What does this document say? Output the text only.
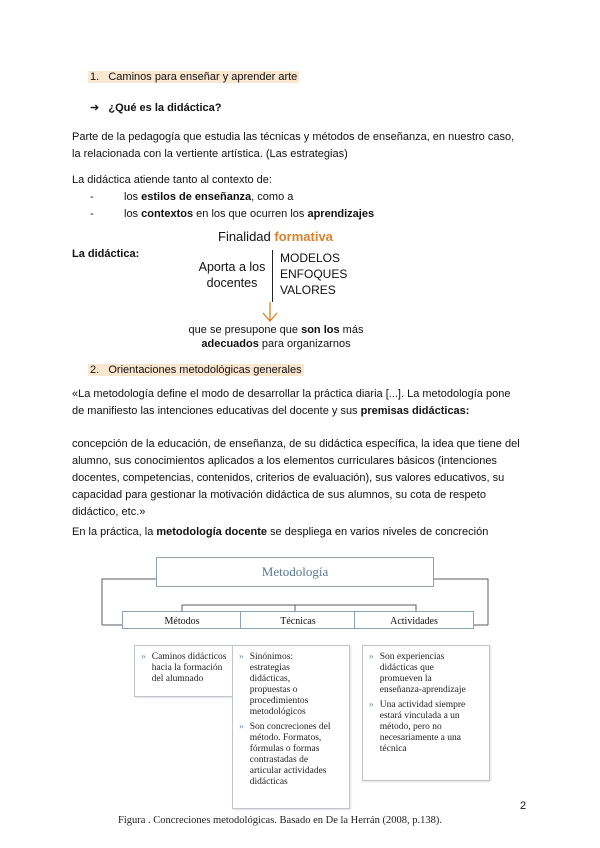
1. Caminos para enseñar y aprender arte
➔ ¿Qué es la didáctica?
Parte de la pedagogía que estudia las técnicas y métodos de enseñanza, en nuestro caso,
la relacionada con la vertiente artística. (Las estrategias)
La didáctica atiende tanto al contexto de:
-	los estilos de enseñanza, como a
-	los contextos en los que ocurren los aprendizajes
La didáctica:
Finalidad formativa
Aporta a los
docentes
MODELOS
ENFOQUES
VALORES
que se presupone que son los más
adecuados para organizarnos
2. Orientaciones metodológicas generales
«La metodología define el modo de desarrollar la práctica diaria [...]. La metodología pone
de manifiesto las intenciones educativas del docente y sus premisas didácticas:
concepción de la educación, de enseñanza, de su didáctica específica, la idea que tiene del
alumno, sus conocimientos aplicados a los elementos curriculares básicos (intenciones
docentes, competencias, contenidos, criterios de evaluación), sus valores educativos, su
capacidad para gestionar la motivación didáctica de sus alumnos, su cota de respeto
didáctico, etc.»
En la práctica, la metodología docente se despliega en varios niveles de concreción
Metodología
Métodos	Técnicas	Actividades
» Caminos didácticos
hacia la formación
del alumnado
» Sinónimos:
estrategias
didácticas,
propuestas o
procedimientos
metodológicos
» Son concreciones del
método. Formatos,
fórmulas o formas
contrastadas de
articular actividades
didácticas
» Son experiencias
didácticas que
promueven la
enseñanza-aprendizaje
» Una actividad siempre
estará vinculada a un
método, pero no
necesariamente a una
técnica
2
Figura . Concreciones metodológicas. Basado en De la Herrán (2008, p.138).
